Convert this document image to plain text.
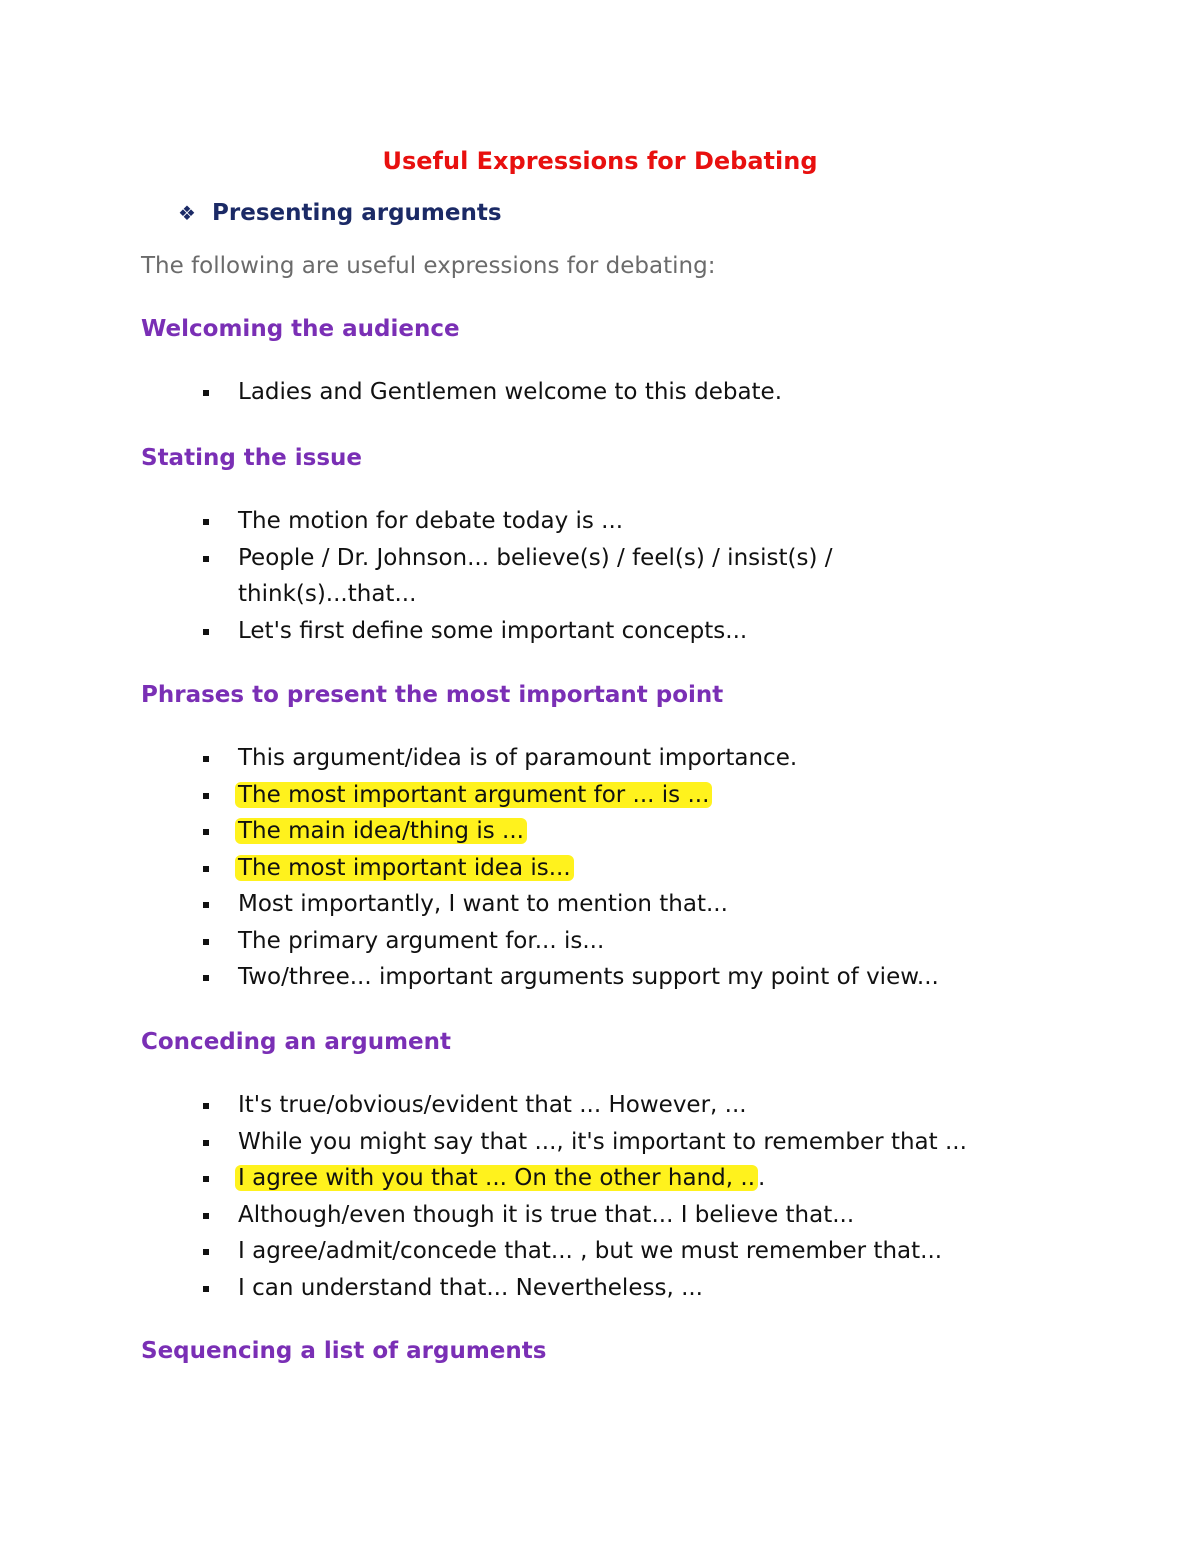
Useful Expressions for Debating
❖ Presenting arguments
The following are useful expressions for debating:
Welcoming the audience
Ladies and Gentlemen welcome to this debate.
Stating the issue
The motion for debate today is ...
People / Dr. Johnson... believe(s) / feel(s) / insist(s) / think(s)...that...
Let's first define some important concepts...
Phrases to present the most important point
This argument/idea is of paramount importance.
The most important argument for ... is ...
The main idea/thing is ...
The most important idea is...
Most importantly, I want to mention that...
The primary argument for... is...
Two/three... important arguments support my point of view...
Conceding an argument
It's true/obvious/evident that ... However, ...
While you might say that ..., it's important to remember that ...
I agree with you that ... On the other hand, .. .
Although/even though it is true that... I believe that...
I agree/admit/concede that... , but we must remember that...
I can understand that... Nevertheless, ...
Sequencing a list of arguments
